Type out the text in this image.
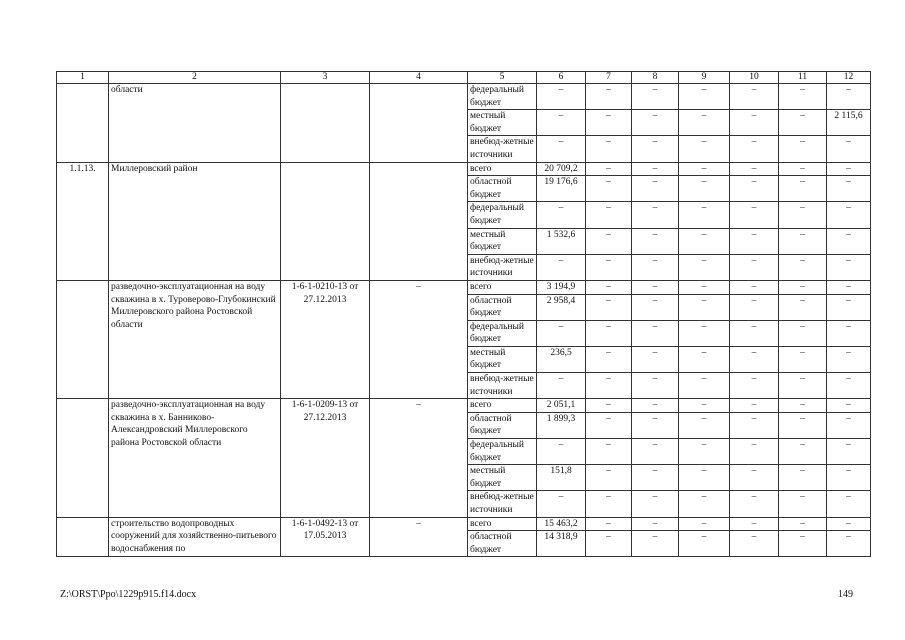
1	2	3	4	5	6	7	8	9	10	11	12
	области			федеральный бюджет	–	–	–	–	–	–	–
				местный бюджет	–	–	–	–	–	–	2 115,6
				внебюд-жетные источники	–	–	–	–	–	–	–
1.1.13.	Миллеровский район			всего	20 709,2	–	–	–	–	–	–
				областной бюджет	19 176,6	–	–	–	–	–	–
				федеральный бюджет	–	–	–	–	–	–	–
				местный бюджет	1 532,6	–	–	–	–	–	–
				внебюд-жетные источники	–	–	–	–	–	–	–
	разведочно-эксплуатационная на воду скважина в х. Туроверово-Глубокинский Миллеровского района Ростовской области	1-6-1-0210-13 от 27.12.2013	–	всего	3 194,9	–	–	–	–	–	–
				областной бюджет	2 958,4	–	–	–	–	–	–
				федеральный бюджет	–	–	–	–	–	–	–
				местный бюджет	236,5	–	–	–	–	–	–
				внебюд-жетные источники	–	–	–	–	–	–	–
	разведочно-эксплуатационная на воду скважина в х. Банниково-Александровский Миллеровского района Ростовской области	1-6-1-0209-13 от 27.12.2013	–	всего	2 051,1	–	–	–	–	–	–
				областной бюджет	1 899,3	–	–	–	–	–	–
				федеральный бюджет	–	–	–	–	–	–	–
				местный бюджет	151,8	–	–	–	–	–	–
				внебюд-жетные источники	–	–	–	–	–	–	–
	строительство водопроводных сооружений для хозяйственно-питьевого водоснабжения по	1-6-1-0492-13 от 17.05.2013	–	всего	15 463,2	–	–	–	–	–	–
				областной бюджет	14 318,9	–	–	–	–	–	–
Z:\ORST\Ppo\1229p915.f14.docx	149
